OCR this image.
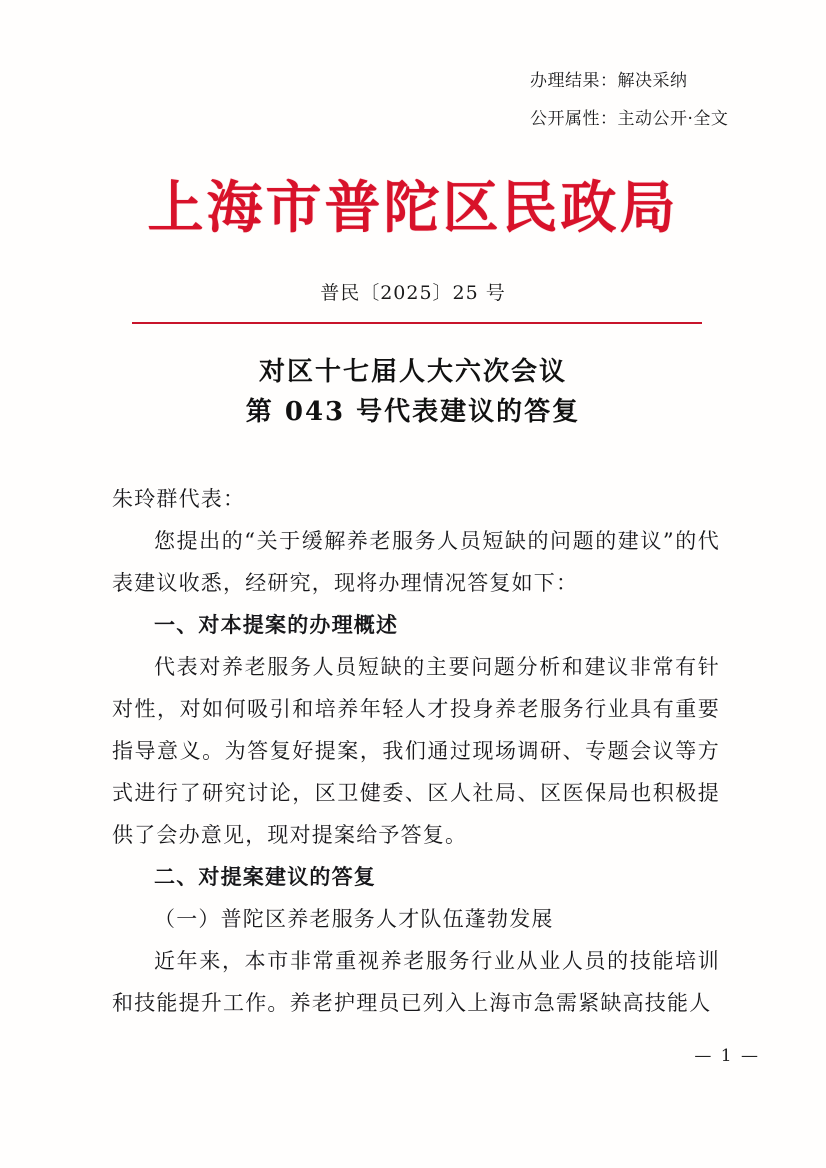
办理结果：解决采纳
公开属性：主动公开·全文
上海市普陀区民政局
普民〔2025〕25 号
对区十七届人大六次会议
第 043 号代表建议的答复

朱玲群代表：

您提出的“关于缓解养老服务人员短缺的问题的建议”的代表建议收悉，经研究，现将办理情况答复如下：

一、对本提案的办理概述

代表对养老服务人员短缺的主要问题分析和建议非常有针对性，对如何吸引和培养年轻人才投身养老服务行业具有重要指导意义。为答复好提案，我们通过现场调研、专题会议等方式进行了研究讨论，区卫健委、区人社局、区医保局也积极提供了会办意见，现对提案给予答复。

二、对提案建议的答复

（一）普陀区养老服务人才队伍蓬勃发展

近年来，本市非常重视养老服务行业从业人员的技能培训和技能提升工作。养老护理员已列入上海市急需紧缺高技能人

— 1 —
